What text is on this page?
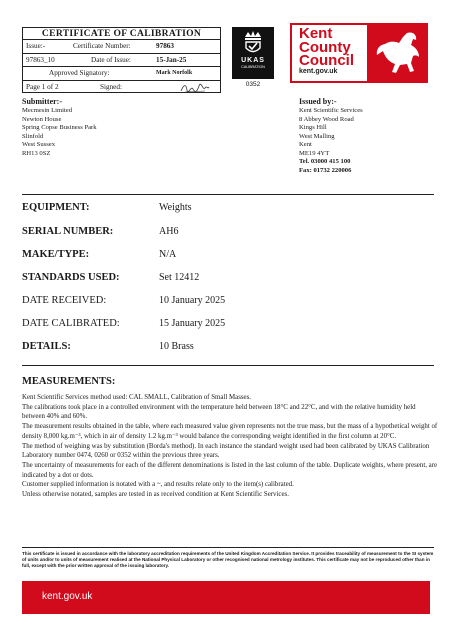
CERTIFICATE OF CALIBRATION
Issue:-	Certificate Number:	97863
97863_10	Date of Issue:	15-Jan-25
Approved Signatory:	Mark Norfolk
Page 1 of 2	Signed:
UKAS
CALIBRATION
0352
Kent
County
Council
kent.gov.uk
Submitter:-
Mecmesin Limited
Newton House
Spring Copse Business Park
Slinfold
West Sussex
RH13 0SZ
Issued by:-
Kent Scientific Services
8 Abbey Wood Road
Kings Hill
West Malling
Kent
ME19 4YT
Tel. 03000 415 100
Fax: 01732 220006
EQUIPMENT:	Weights
SERIAL NUMBER:	AH6
MAKE/TYPE:	N/A
STANDARDS USED:	Set 12412
DATE RECEIVED:	10 January 2025
DATE CALIBRATED:	15 January 2025
DETAILS:	10 Brass
MEASUREMENTS:

Kent Scientific Services method used: CAL SMALL, Calibration of Small Masses.

The calibrations took place in a controlled environment with the temperature held between 18°C and 22°C, and with the relative humidity held between 40% and 60%.

The measurement results obtained in the table, where each measured value given represents not the true mass, but the mass of a hypothetical weight of density 8,000 kg.m⁻³, which in air of density 1.2 kg.m⁻³ would balance the corresponding weight identified in the first column at 20°C.

The method of weighing was by substitution (Borda's method). In each instance the standard weight used had been calibrated by UKAS Calibration Laboratory number 0474, 0260 or 0352 within the previous three years.

The uncertainty of measurements for each of the different denominations is listed in the last column of the table. Duplicate weights, where present, are indicated by a dot or dots.

Customer supplied information is notated with a ~, and results relate only to the item(s) calibrated.

Unless otherwise notated, samples are tested in as received condition at Kent Scientific Services.

This certificate is issued in accordance with the laboratory accreditation requirements of the United Kingdom Accreditation Service. It provides traceability of measurement to the SI system of units and/or to units of measurement realised at the National Physical Laboratory or other recognised national metrology institutes. This certificate may not be reproduced other than in full, except with the prior written approval of the issuing laboratory.
kent.gov.uk
